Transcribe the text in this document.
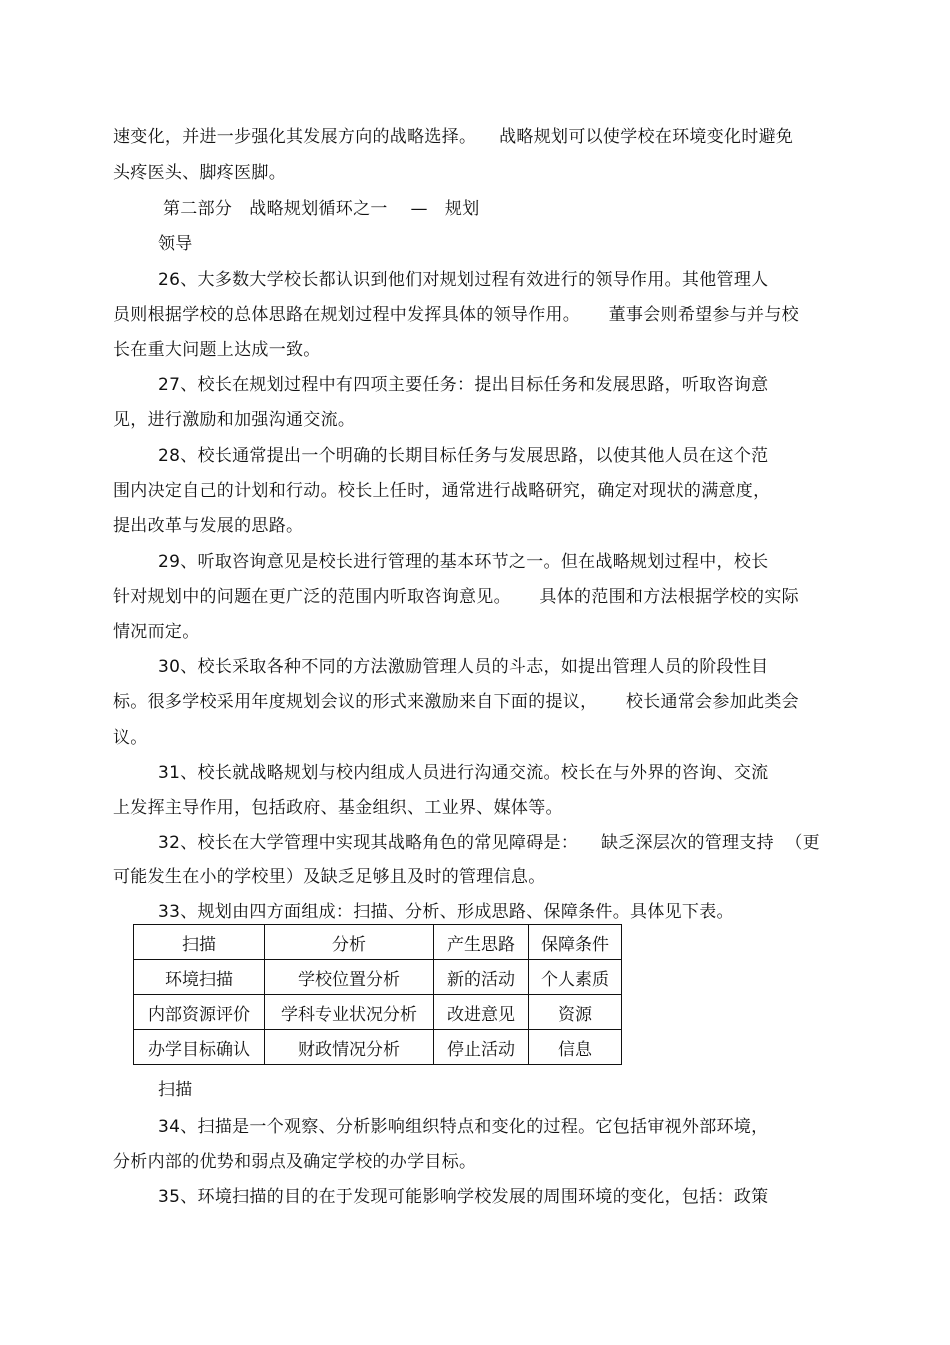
速变化，并进一步强化其发展方向的战略选择。    战略规划可以使学校在环境变化时避免
头疼医头、脚疼医脚。
第二部分   战略规划循环之一    —   规划
领导
26、大多数大学校长都认识到他们对规划过程有效进行的领导作用。其他管理人
员则根据学校的总体思路在规划过程中发挥具体的领导作用。     董事会则希望参与并与校
长在重大问题上达成一致。
27、校长在规划过程中有四项主要任务：提出目标任务和发展思路，听取咨询意
见，进行激励和加强沟通交流。
28、校长通常提出一个明确的长期目标任务与发展思路，以使其他人员在这个范
围内决定自己的计划和行动。校长上任时，通常进行战略研究，确定对现状的满意度，
提出改革与发展的思路。
29、听取咨询意见是校长进行管理的基本环节之一。但在战略规划过程中，校长
针对规划中的问题在更广泛的范围内听取咨询意见。     具体的范围和方法根据学校的实际
情况而定。
30、校长采取各种不同的方法激励管理人员的斗志，如提出管理人员的阶段性目
标。很多学校采用年度规划会议的形式来激励来自下面的提议，     校长通常会参加此类会
议。
31、校长就战略规划与校内组成人员进行沟通交流。校长在与外界的咨询、交流
上发挥主导作用，包括政府、基金组织、工业界、媒体等。
32、校长在大学管理中实现其战略角色的常见障碍是：    缺乏深层次的管理支持  （更
可能发生在小的学校里）及缺乏足够且及时的管理信息。
33、规划由四方面组成：扫描、分析、形成思路、保障条件。具体见下表。
扫描	分析	产生思路	保障条件
环境扫描	学校位置分析	新的活动	个人素质
内部资源评价	学科专业状况分析	改进意见	资源
办学目标确认	财政情况分析	停止活动	信息
扫描
34、扫描是一个观察、分析影响组织特点和变化的过程。它包括审视外部环境，
分析内部的优势和弱点及确定学校的办学目标。
35、环境扫描的目的在于发现可能影响学校发展的周围环境的变化，包括：政策
